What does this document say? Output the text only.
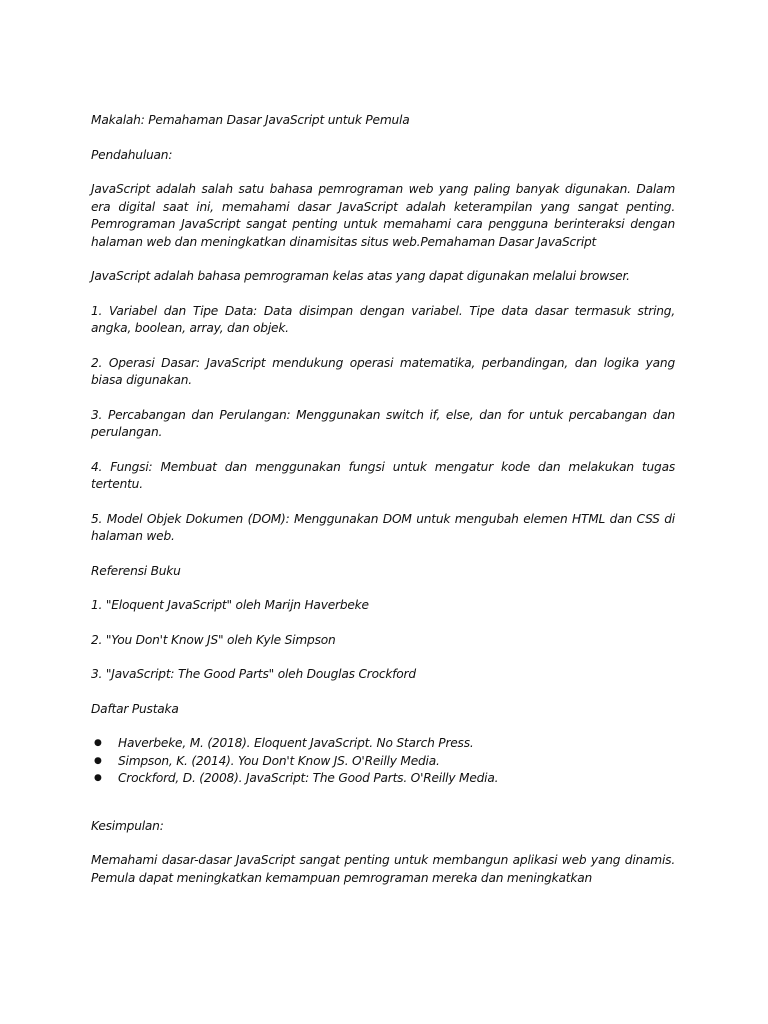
Makalah: Pemahaman Dasar JavaScript untuk Pemula

Pendahuluan:

JavaScript adalah salah satu bahasa pemrograman web yang paling banyak digunakan. Dalam era digital saat ini, memahami dasar JavaScript adalah keterampilan yang sangat penting. Pemrograman JavaScript sangat penting untuk memahami cara pengguna berinteraksi dengan halaman web dan meningkatkan dinamisitas situs web.Pemahaman Dasar JavaScript

JavaScript adalah bahasa pemrograman kelas atas yang dapat digunakan melalui browser.

1. Variabel dan Tipe Data: Data disimpan dengan variabel. Tipe data dasar termasuk string, angka, boolean, array, dan objek.

2. Operasi Dasar: JavaScript mendukung operasi matematika, perbandingan, dan logika yang biasa digunakan.

3. Percabangan dan Perulangan: Menggunakan switch if, else, dan for untuk percabangan dan perulangan.

4. Fungsi: Membuat dan menggunakan fungsi untuk mengatur kode dan melakukan tugas tertentu.

5. Model Objek Dokumen (DOM): Menggunakan DOM untuk mengubah elemen HTML dan CSS di halaman web.

Referensi Buku

1. "Eloquent JavaScript" oleh Marijn Haverbeke

2. "You Don't Know JS" oleh Kyle Simpson

3. "JavaScript: The Good Parts" oleh Douglas Crockford

Daftar Pustaka

● Haverbeke, M. (2018). Eloquent JavaScript. No Starch Press.
● Simpson, K. (2014). You Don't Know JS. O'Reilly Media.
● Crockford, D. (2008). JavaScript: The Good Parts. O'Reilly Media.

Kesimpulan:

Memahami dasar-dasar JavaScript sangat penting untuk membangun aplikasi web yang dinamis. Pemula dapat meningkatkan kemampuan pemrograman mereka dan meningkatkan
